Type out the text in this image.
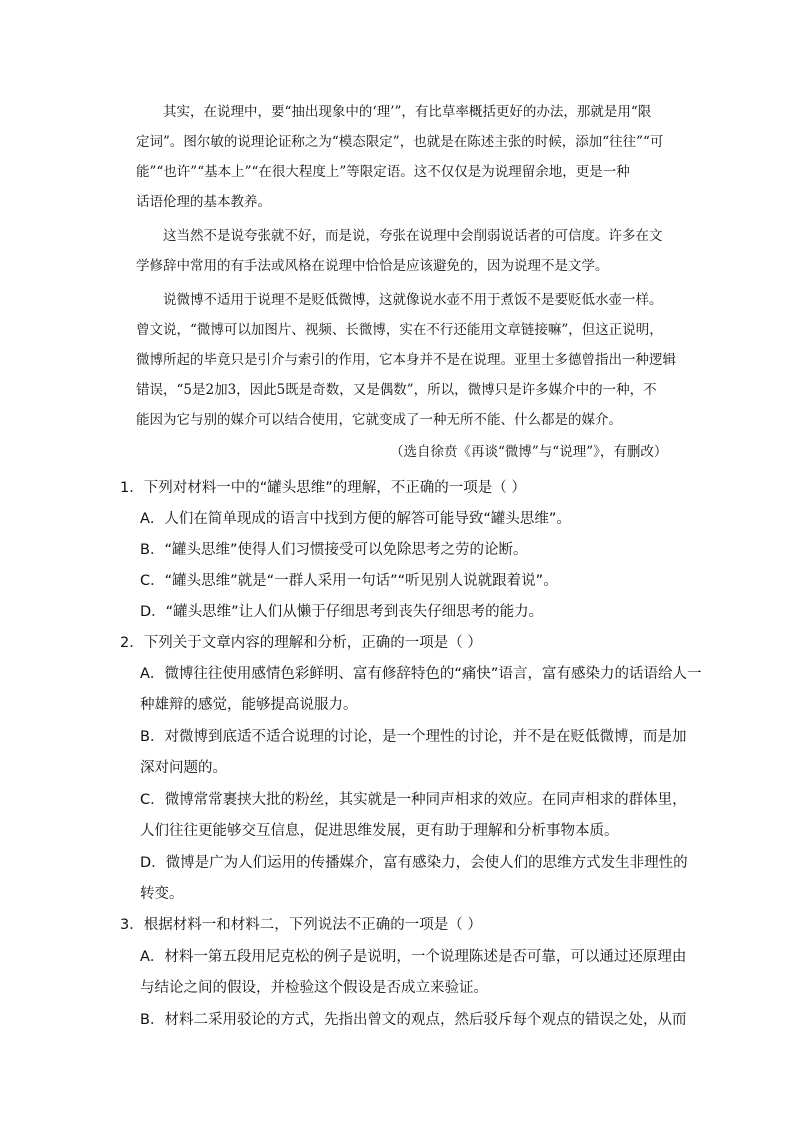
其实，在说理中，要“抽出现象中的‘理’”，有比草率概括更好的办法，那就是用“限
定词”。图尔敏的说理论证称之为“模态限定”，也就是在陈述主张的时候，添加“往往”“可
能”“也许”“基本上”“在很大程度上”等限定语。这不仅仅是为说理留余地，更是一种
话语伦理的基本教养。
这当然不是说夸张就不好，而是说，夸张在说理中会削弱说话者的可信度。许多在文
学修辞中常用的有手法或风格在说理中恰恰是应该避免的，因为说理不是文学。
说微博不适用于说理不是贬低微博，这就像说水壶不用于煮饭不是要贬低水壶一样。
曾文说，“微博可以加图片、视频、长微博，实在不行还能用文章链接嘛”，但这正说明，
微博所起的毕竟只是引介与索引的作用，它本身并不是在说理。亚里士多德曾指出一种逻辑
错误，“5是2加3，因此5既是奇数，又是偶数”，所以，微博只是许多媒介中的一种，不
能因为它与别的媒介可以结合使用，它就变成了一种无所不能、什么都是的媒介。
（选自徐贲《再谈“微博”与“说理”》，有删改）
1．下列对材料一中的“罐头思维”的理解，不正确的一项是（ ）
A．人们在简单现成的语言中找到方便的解答可能导致“罐头思维”。
B．“罐头思维”使得人们习惯接受可以免除思考之劳的论断。
C．“罐头思维”就是“一群人采用一句话”“听见别人说就跟着说”。
D．“罐头思维”让人们从懒于仔细思考到丧失仔细思考的能力。
2．下列关于文章内容的理解和分析，正确的一项是（ ）
A．微博往往使用感情色彩鲜明、富有修辞特色的“痛快”语言，富有感染力的话语给人一
种雄辩的感觉，能够提高说服力。
B．对微博到底适不适合说理的讨论，是一个理性的讨论，并不是在贬低微博，而是加
深对问题的。
C．微博常常裹挟大批的粉丝，其实就是一种同声相求的效应。在同声相求的群体里，
人们往往更能够交互信息，促进思维发展，更有助于理解和分析事物本质。
D．微博是广为人们运用的传播媒介，富有感染力，会使人们的思维方式发生非理性的
转变。
3．根据材料一和材料二，下列说法不正确的一项是（ ）
A．材料一第五段用尼克松的例子是说明，一个说理陈述是否可靠，可以通过还原理由
与结论之间的假设，并检验这个假设是否成立来验证。
B．材料二采用驳论的方式，先指出曾文的观点，然后驳斥每个观点的错误之处，从而
